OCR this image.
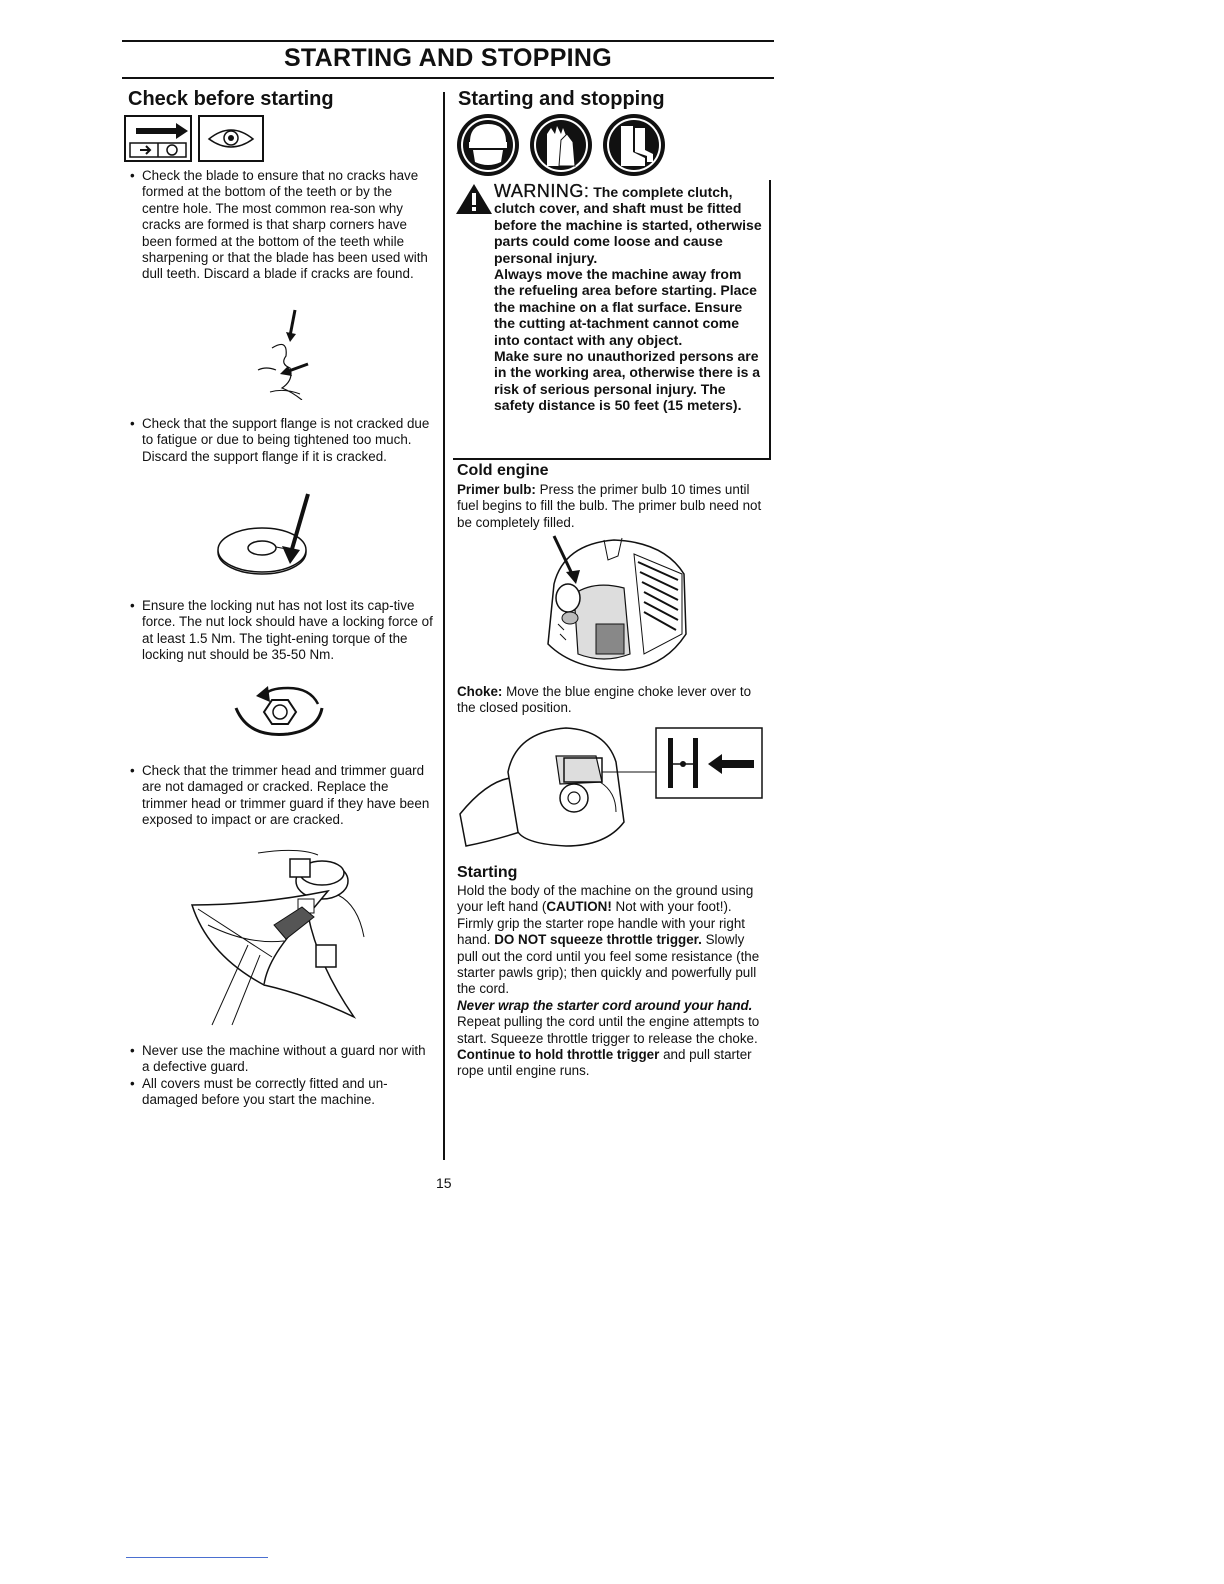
STARTING AND STOPPING
Check before starting
• Check the blade to ensure that no cracks have formed at the bottom of the teeth or by the centre hole. The most common rea-son why cracks are formed is that sharp corners have been formed at the bottom of the teeth while sharpening or that the blade has been used with dull teeth. Discard a blade if cracks are found.
• Check that the support flange is not cracked due to fatigue or due to being tightened too much. Discard the support flange if it is cracked.
• Ensure the locking nut has not lost its cap-tive force. The nut lock should have a locking force of at least 1.5 Nm. The tight-ening torque of the locking nut should be 35-50 Nm.
• Check that the trimmer head and trimmer guard are not damaged or cracked. Replace the trimmer head or trimmer guard if they have been exposed to impact or are cracked.
• Never use the machine without a guard nor with a defective guard.
• All covers must be correctly fitted and un-damaged before you start the machine.
Starting and stopping
WARNING: The complete clutch, clutch cover, and shaft must be fitted before the machine is started, otherwise parts could come loose and cause personal injury.
Always move the machine away from the refueling area before starting. Place the machine on a flat surface. Ensure the cutting at-tachment cannot come into contact with any object.
Make sure no unauthorized persons are in the working area, otherwise there is a risk of serious personal injury. The safety distance is 50 feet (15 meters).
Cold engine
Primer bulb: Press the primer bulb 10 times until fuel begins to fill the bulb. The primer bulb need not be completely filled.
Choke: Move the blue engine choke lever over to the closed position.
Starting
Hold the body of the machine on the ground using your left hand (CAUTION! Not with your foot!).
Firmly grip the starter rope handle with your right hand. DO NOT squeeze throttle trigger. Slowly pull out the cord until you feel some resistance (the starter pawls grip); then quickly and powerfully pull the cord.
Never wrap the starter cord around your hand.
Repeat pulling the cord until the engine attempts to start. Squeeze throttle trigger to release the choke. Continue to hold throttle trigger and pull starter rope until engine runs.
15
